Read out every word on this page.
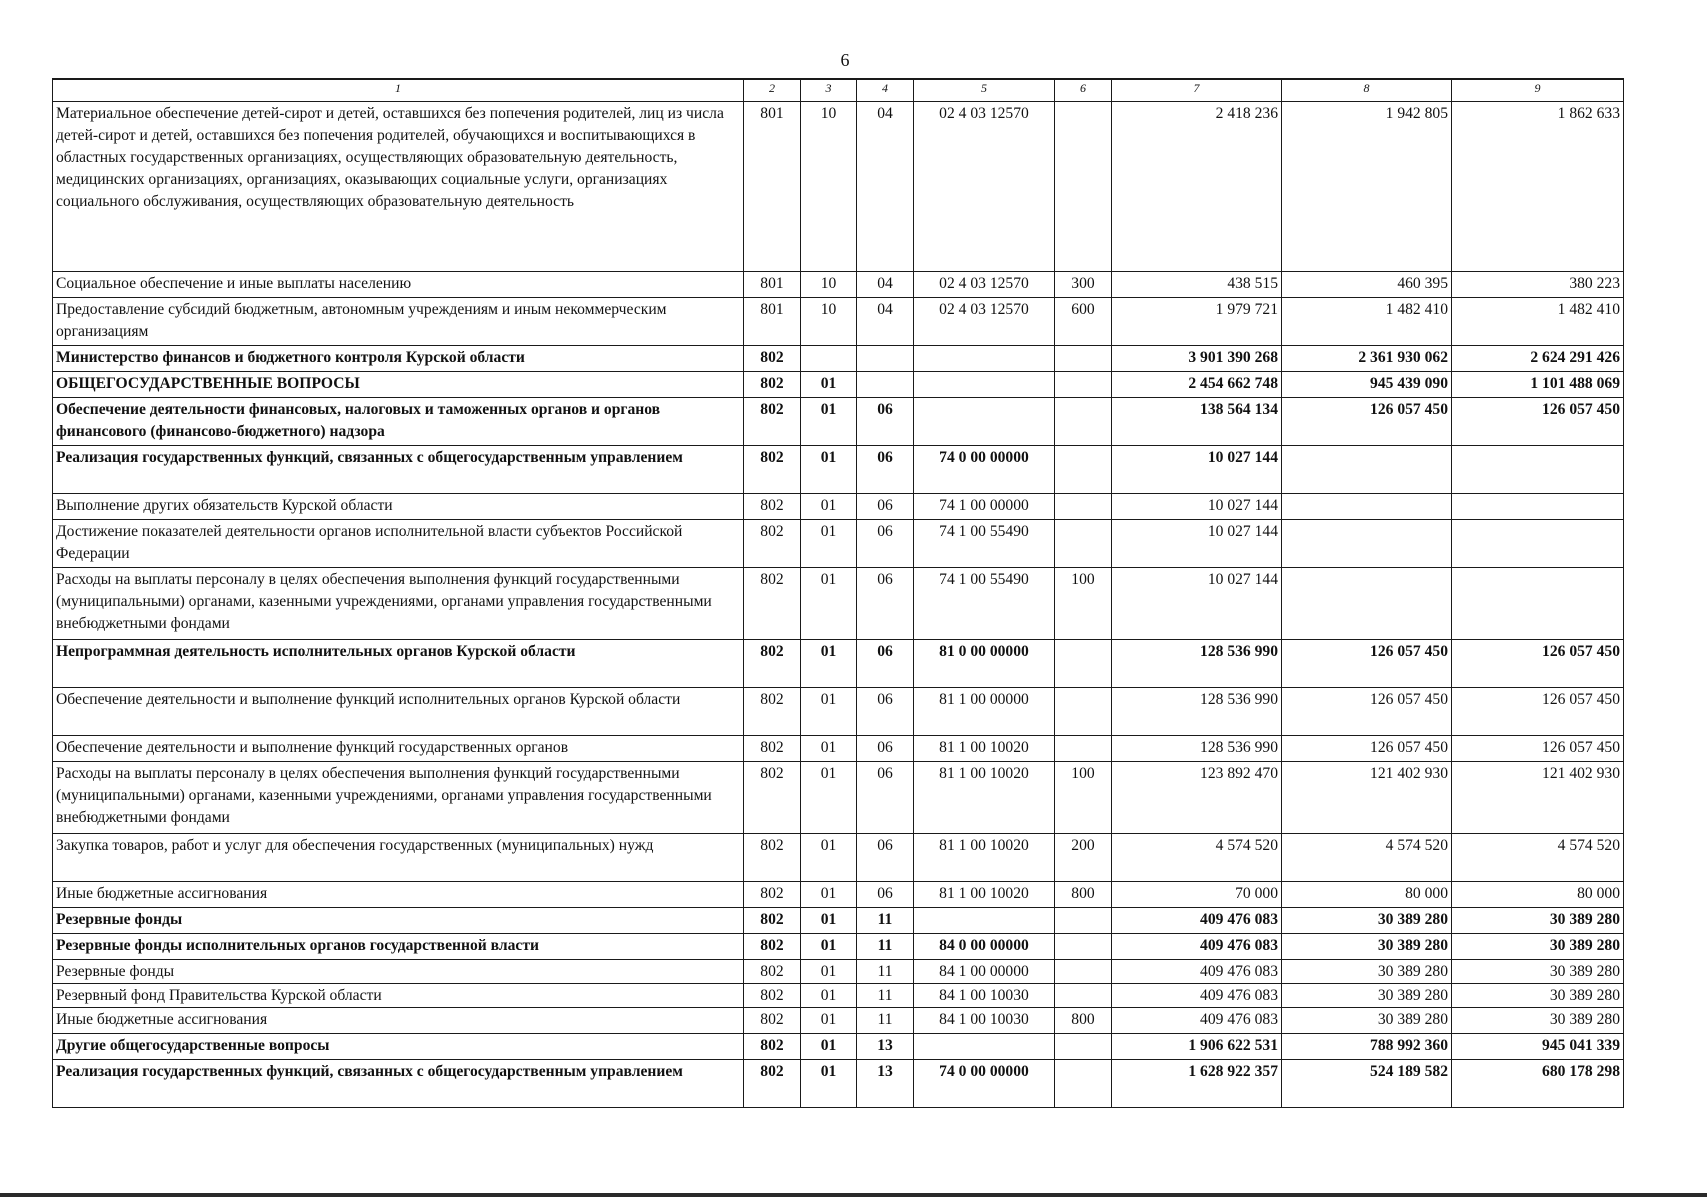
6
1	2	3	4	5	6	7	8	9
Материальное обеспечение детей-сирот и детей, оставшихся без попечения родителей, лиц из числа детей-сирот и детей, оставшихся без попечения родителей, обучающихся и воспитывающихся в областных государственных организациях, осуществляющих образовательную деятельность, медицинских организациях, организациях, оказывающих социальные услуги, организациях социального обслуживания, осуществляющих образовательную деятельность	801	10	04	02 4 03 12570		2 418 236	1 942 805	1 862 633
Социальное обеспечение и иные выплаты населению	801	10	04	02 4 03 12570	300	438 515	460 395	380 223
Предоставление субсидий бюджетным, автономным учреждениям и иным некоммерческим организациям	801	10	04	02 4 03 12570	600	1 979 721	1 482 410	1 482 410
Министерство финансов и бюджетного контроля Курской области	802					3 901 390 268	2 361 930 062	2 624 291 426
ОБЩЕГОСУДАРСТВЕННЫЕ ВОПРОСЫ	802	01				2 454 662 748	945 439 090	1 101 488 069
Обеспечение деятельности финансовых, налоговых и таможенных органов и органов финансового (финансово-бюджетного) надзора	802	01	06			138 564 134	126 057 450	126 057 450
Реализация государственных функций, связанных с общегосударственным управлением	802	01	06	74 0 00 00000		10 027 144		
Выполнение других обязательств Курской области	802	01	06	74 1 00 00000		10 027 144		
Достижение показателей деятельности органов исполнительной власти субъектов Российской Федерации	802	01	06	74 1 00 55490		10 027 144		
Расходы на выплаты персоналу в целях обеспечения выполнения функций государственными (муниципальными) органами, казенными учреждениями, органами управления государственными внебюджетными фондами	802	01	06	74 1 00 55490	100	10 027 144		
Непрограммная деятельность исполнительных органов Курской области	802	01	06	81 0 00 00000		128 536 990	126 057 450	126 057 450
Обеспечение деятельности и выполнение функций исполнительных органов Курской области	802	01	06	81 1 00 00000		128 536 990	126 057 450	126 057 450
Обеспечение деятельности и выполнение функций государственных органов	802	01	06	81 1 00 10020		128 536 990	126 057 450	126 057 450
Расходы на выплаты персоналу в целях обеспечения выполнения функций государственными (муниципальными) органами, казенными учреждениями, органами управления государственными внебюджетными фондами	802	01	06	81 1 00 10020	100	123 892 470	121 402 930	121 402 930
Закупка товаров, работ и услуг для обеспечения государственных (муниципальных) нужд	802	01	06	81 1 00 10020	200	4 574 520	4 574 520	4 574 520
Иные бюджетные ассигнования	802	01	06	81 1 00 10020	800	70 000	80 000	80 000
Резервные фонды	802	01	11			409 476 083	30 389 280	30 389 280
Резервные фонды исполнительных органов государственной власти	802	01	11	84 0 00 00000		409 476 083	30 389 280	30 389 280
Резервные фонды	802	01	11	84 1 00 00000		409 476 083	30 389 280	30 389 280
Резервный фонд Правительства Курской области	802	01	11	84 1 00 10030		409 476 083	30 389 280	30 389 280
Иные бюджетные ассигнования	802	01	11	84 1 00 10030	800	409 476 083	30 389 280	30 389 280
Другие общегосударственные вопросы	802	01	13			1 906 622 531	788 992 360	945 041 339
Реализация государственных функций, связанных с общегосударственным управлением	802	01	13	74 0 00 00000		1 628 922 357	524 189 582	680 178 298
